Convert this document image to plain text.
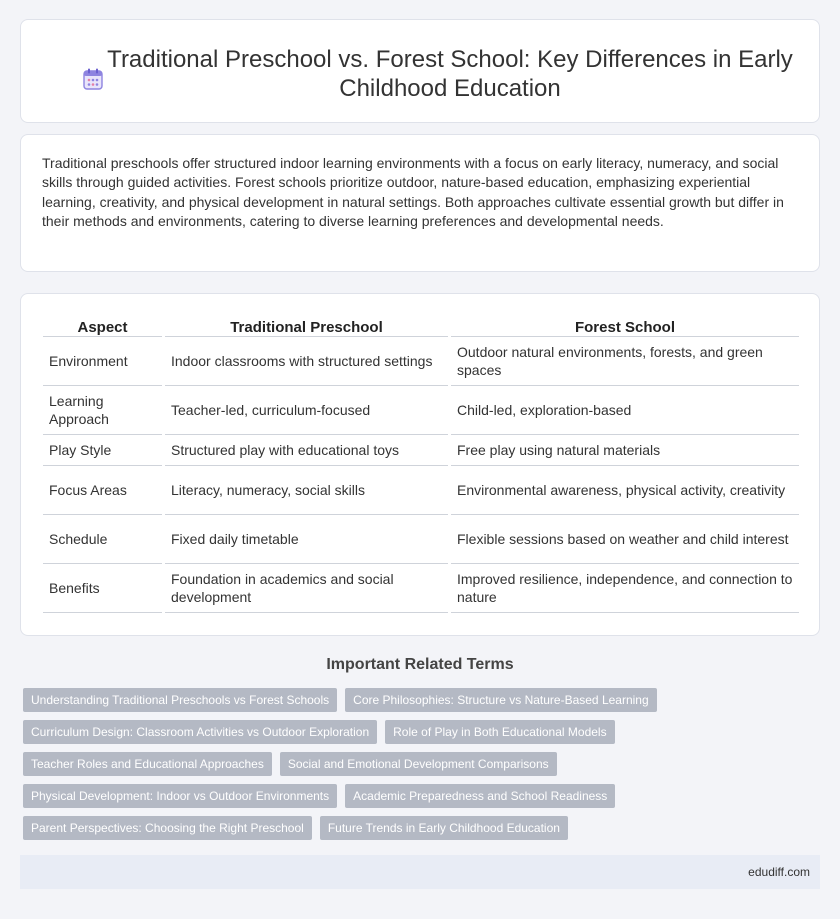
Traditional Preschool vs. Forest School: Key Differences in Early Childhood Education

Traditional preschools offer structured indoor learning environments with a focus on early literacy, numeracy, and social skills through guided activities. Forest schools prioritize outdoor, nature-based education, emphasizing experiential learning, creativity, and physical development in natural settings. Both approaches cultivate essential growth but differ in their methods and environments, catering to diverse learning preferences and developmental needs.

Aspect		Traditional Preschool		Forest School
Environment		Indoor classrooms with structured settings		Outdoor natural environments, forests, and green spaces
Learning Approach		Teacher-led, curriculum-focused		Child-led, exploration-based
Play Style		Structured play with educational toys		Free play using natural materials
Focus Areas		Literacy, numeracy, social skills		Environmental awareness, physical activity, creativity
Schedule		Fixed daily timetable		Flexible sessions based on weather and child interest
Benefits		Foundation in academics and social development		Improved resilience, independence, and connection to nature
Important Related Terms
Understanding Traditional Preschools vs Forest Schools	Core Philosophies: Structure vs Nature-Based Learning
Curriculum Design: Classroom Activities vs Outdoor Exploration	Role of Play in Both Educational Models
Teacher Roles and Educational Approaches	Social and Emotional Development Comparisons
Physical Development: Indoor vs Outdoor Environments	Academic Preparedness and School Readiness
Parent Perspectives: Choosing the Right Preschool	Future Trends in Early Childhood Education
edudiff.com
